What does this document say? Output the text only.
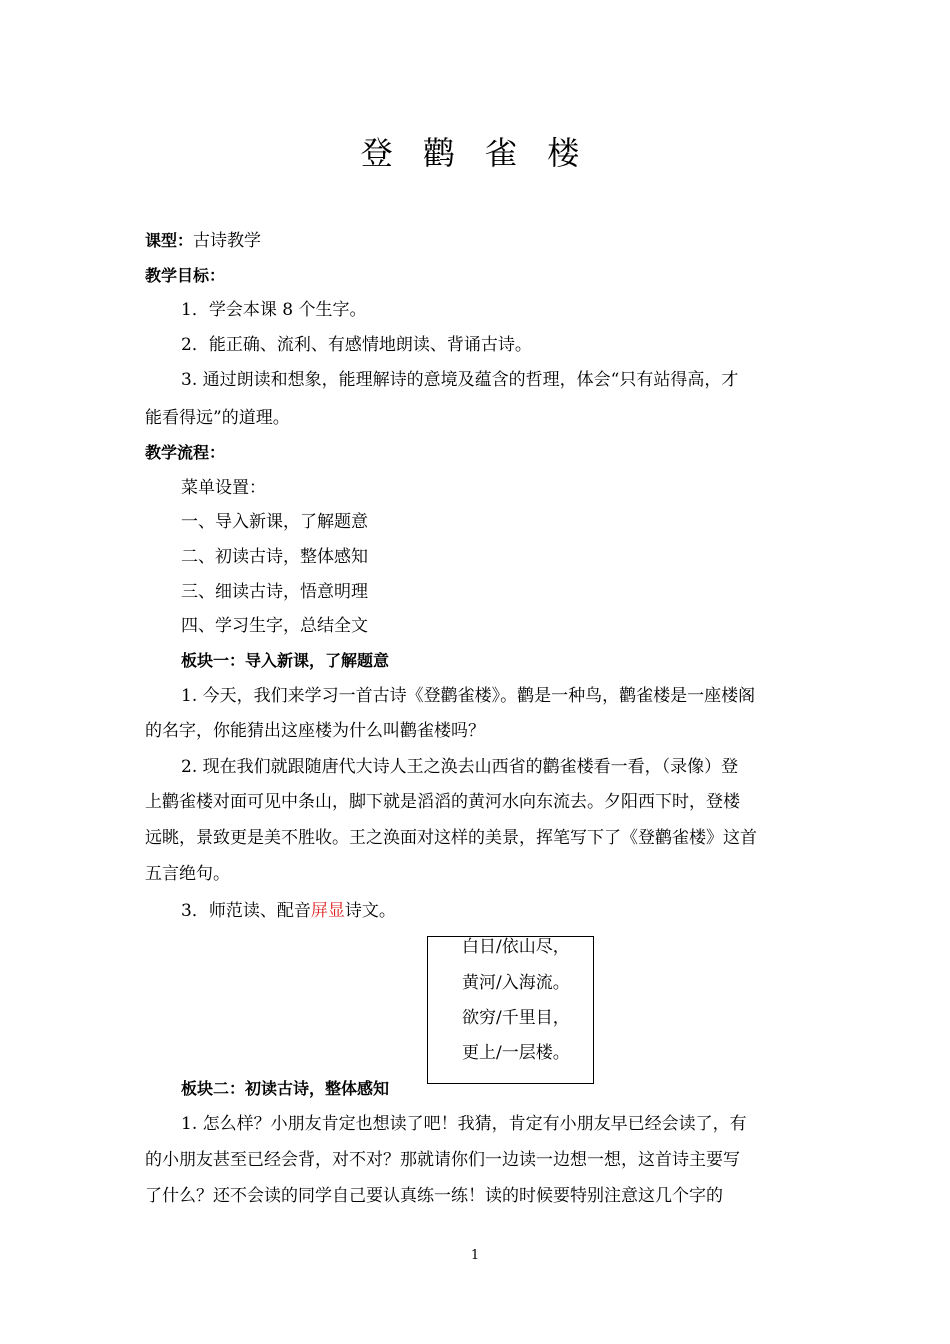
登 鹳 雀 楼
课型：古诗教学
教学目标：
1．学会本课 8 个生字。
2．能正确、流利、有感情地朗读、背诵古诗。
3. 通过朗读和想象，能理解诗的意境及蕴含的哲理，体会“只有站得高，才
能看得远”的道理。
教学流程：
菜单设置：
一、导入新课，了解题意
二、初读古诗，整体感知
三、细读古诗，悟意明理
四、学习生字，总结全文
板块一：导入新课，了解题意
1. 今天，我们来学习一首古诗《登鹳雀楼》。鹳是一种鸟，鹳雀楼是一座楼阁
的名字，你能猜出这座楼为什么叫鹳雀楼吗？
2. 现在我们就跟随唐代大诗人王之涣去山西省的鹳雀楼看一看，（录像）登
上鹳雀楼对面可见中条山，脚下就是滔滔的黄河水向东流去。夕阳西下时，登楼
远眺，景致更是美不胜收。王之涣面对这样的美景，挥笔写下了《登鹳雀楼》这首
五言绝句。
3．师范读、配音屏显诗文。
白日/依山尽，
黄河/入海流。
欲穷/千里目，
更上/一层楼。
板块二：初读古诗，整体感知
1. 怎么样？小朋友肯定也想读了吧！我猜，肯定有小朋友早已经会读了，有
的小朋友甚至已经会背，对不对？那就请你们一边读一边想一想，这首诗主要写
了什么？还不会读的同学自己要认真练一练！读的时候要特别注意这几个字的
1
